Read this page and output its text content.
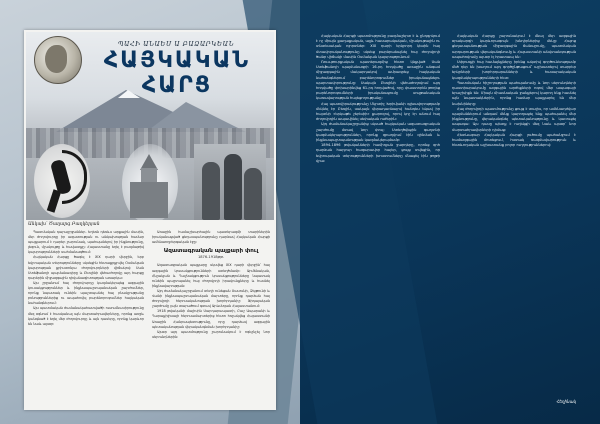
ՊԱՀԻ ԱՆԱԵՍ Ա ԲԱՁԱՐԿԵԱՆ
ՀԱՅԿԱԿԱՆ ՀԱՐՑ
Անկախ՝ Ծաղարգ Բաղկերյան

Պատմական դարաշրջաններ. Եղեռն դեռևս արքային մասին, մեր ժողովուրդը իր ազատության ու անկախության համար պայքարում է դարեր շարունակ, պահպանելով իր ինքնությունը, լեզուն, մշակույթը և հավատքը։ Հայաստանը եղել է բազմաթիվ կայսրությունների սահմանագծում։

Հայկական Հարցը ծագել է XIX դարի վերջին, երբ եվրոպական տերությունները սկսեցին հետաքրքրվել Օսմանյան կայսրության քրիստոնյա ժողովուրդների վիճակով։ Սան Ստեֆանոյի պայմանագիրը և Բեռլինի վեհաժողովը այդ հարցը դարձրին միջազգային դիվանագիտության առարկա։

Այս շրջանում հայ ժողովուրդը կազմակերպեց ազգային կուսակցություններ և ինքնապաշտպանական շարժումներ, որոնք նպատակ ունեին պաշտպանել հայ բնակչությանը բռնություններից ու ապահովել բարենորոգումներ հայկական նահանգներում։

Այս պատմական ժամանակահատվածի ուսումնասիրությունը մեզ օգնում է հասկանալ այն մարտահրավերները, որոնց առջև կանգնած է եղել մեր ժողովուրդը և այն դասերը, որոնք կարևոր են նաև այսօր։

Առաջին համաշխարհային պատերազմի տարիներին իրականացված ցեղասպանությունը դարձավ Հայկական Հարցի ամենաողբերգական էջը։

Ազատագրական պայքարի փուլ
1876-1918թթ.

Ազատագրական պայքարը սկսվեց XIX դարի վերջին՝ հայ ազգային կուսակցությունների ստեղծմամբ։ Արմենական, Հնչակյան և Դաշնակցություն կուսակցությունները նպատակ ունեին պաշտպանել հայ ժողովրդի իրավունքները և հասնել ինքնավարության։

Այդ ժամանակաշրջանում տեղի ունեցան Սասունի, Զեյթունի և Վանի ինքնապաշտպանական մարտերը, որոնք դարձան հայ ժողովրդի հերոսականության խորհրդանիշ։ Ֆիդայական շարժումը լայն տարածում գտավ Արևմտյան Հայաստանում։

1918 թվականի մայիսին Սարդարապատի, Բաշ Ապարանի և Ղարաքիլիսայի հերոսամարտերից հետո հռչակվեց Հայաստանի Առաջին Հանրապետությունը, որը դարձավ ազգային պետականության վերականգնման խորհրդանիշ։

Այսօր այդ պատմությունը շարունակում է ոգեշնչել նոր սերունդներին։

Հայկական Հարցի պատմությունը բազմաշերտ է և ընդգրկում է ոչ միայն քաղաքական, այլև հասարակական, մշակութային ու տնտեսական ոլորտներ։ XIX դարի երկրորդ կեսին հայ մտավորականությունը սկսեց բարձրաձայնել հայ ժողովրդի ծանր վիճակի մասին Օսմանյան կայսրությունում։

Ռուս-թուրքական պատերազմից հետո կնքված Սան Ստեֆանոյի պայմանագրի 16-րդ հոդվածը առաջին անգամ միջազգային մակարդակով ամրագրեց հայկական նահանգներում բարենորոգումներ իրականացնելու պարտավորությունը։ Սակայն Բեռլինի վեհաժողովում այդ հոդվածը փոխարինվեց 61-րդ հոդվածով, որը փաստորեն թողեց բարենորոգումների իրականացումը սուլթանական կառավարության հայեցողությանը։

Հայ պատվիրակությունը Մկրտիչ Խրիմյանի գլխավորությամբ մեկնել էր Բեռլին, սակայն վերադառնալով հանդես եկավ իր հայտնի «երկաթե շերեփի» քարոզով, որով կոչ էր անում հայ ժողովրդին ապավինել սեփական ուժերին։

Այդ ժամանակաշրջանից սկսած հայկական ազատագրական շարժումը մտավ նոր փուլ։ Ստեղծվեցին գաղտնի կազմակերպություններ, որոնք զբաղվում էին զինման և ինքնապաշտպանության կազմակերպմամբ։

1894-1896 թվականների համիդյան ջարդերը, որոնց զոհ դարձան հարյուր հազարավոր հայեր, ցույց տվեցին, որ եվրոպական տերությունների խոստումները մնացել էին թղթի վրա։

Հայկական Հարցը շարունակում է մնալ մեր ազգային օրակարգի կարևորագույն խնդիրներից մեկը։ Հայոց ցեղասպանության միջազգային ճանաչումը, պատմական արդարության վերականգնումը և Հայաստանի անվտանգության ապահովումը այսօր էլ հրատապ են։

Սփյուռքի հայ համայնքները իրենց ակտիվ գործունեությամբ մեծ դեր են խաղում այդ գործընթացում՝ աշխատելով տարբեր երկրների խորհրդարանների և հասարակական կազմակերպությունների հետ։

Պատմական հիշողության պահպանումը և նոր սերունդների դաստիարակումը ազգային արժեքների ոգով մեր ապագայի երաշխիքն են։ Միայն միասնական ջանքերով կարող ենք հասնել այն նպատակներին, որոնց համար պայքարել են մեր նախնիները։

Հայ ժողովրդի պատմությունը ցույց է տալիս, որ ամենադժվար պայմաններում անգամ մենք կարողացել ենք պահպանել մեր ինքնությունը, վերականգնել պետականությունը և կառուցել ապագա։ Այս դասը պետք է ուղեկցի մեզ նաև այսօր՝ նոր մարտահրավերների դիմաց։

Հետևաբար Հայկական Հարցի լուծումը պահանջում է համազգային մոտեցում, հստակ ռազմավարություն և հետևողական աշխատանք բոլոր ուղղություններով։

Հեղինակ
